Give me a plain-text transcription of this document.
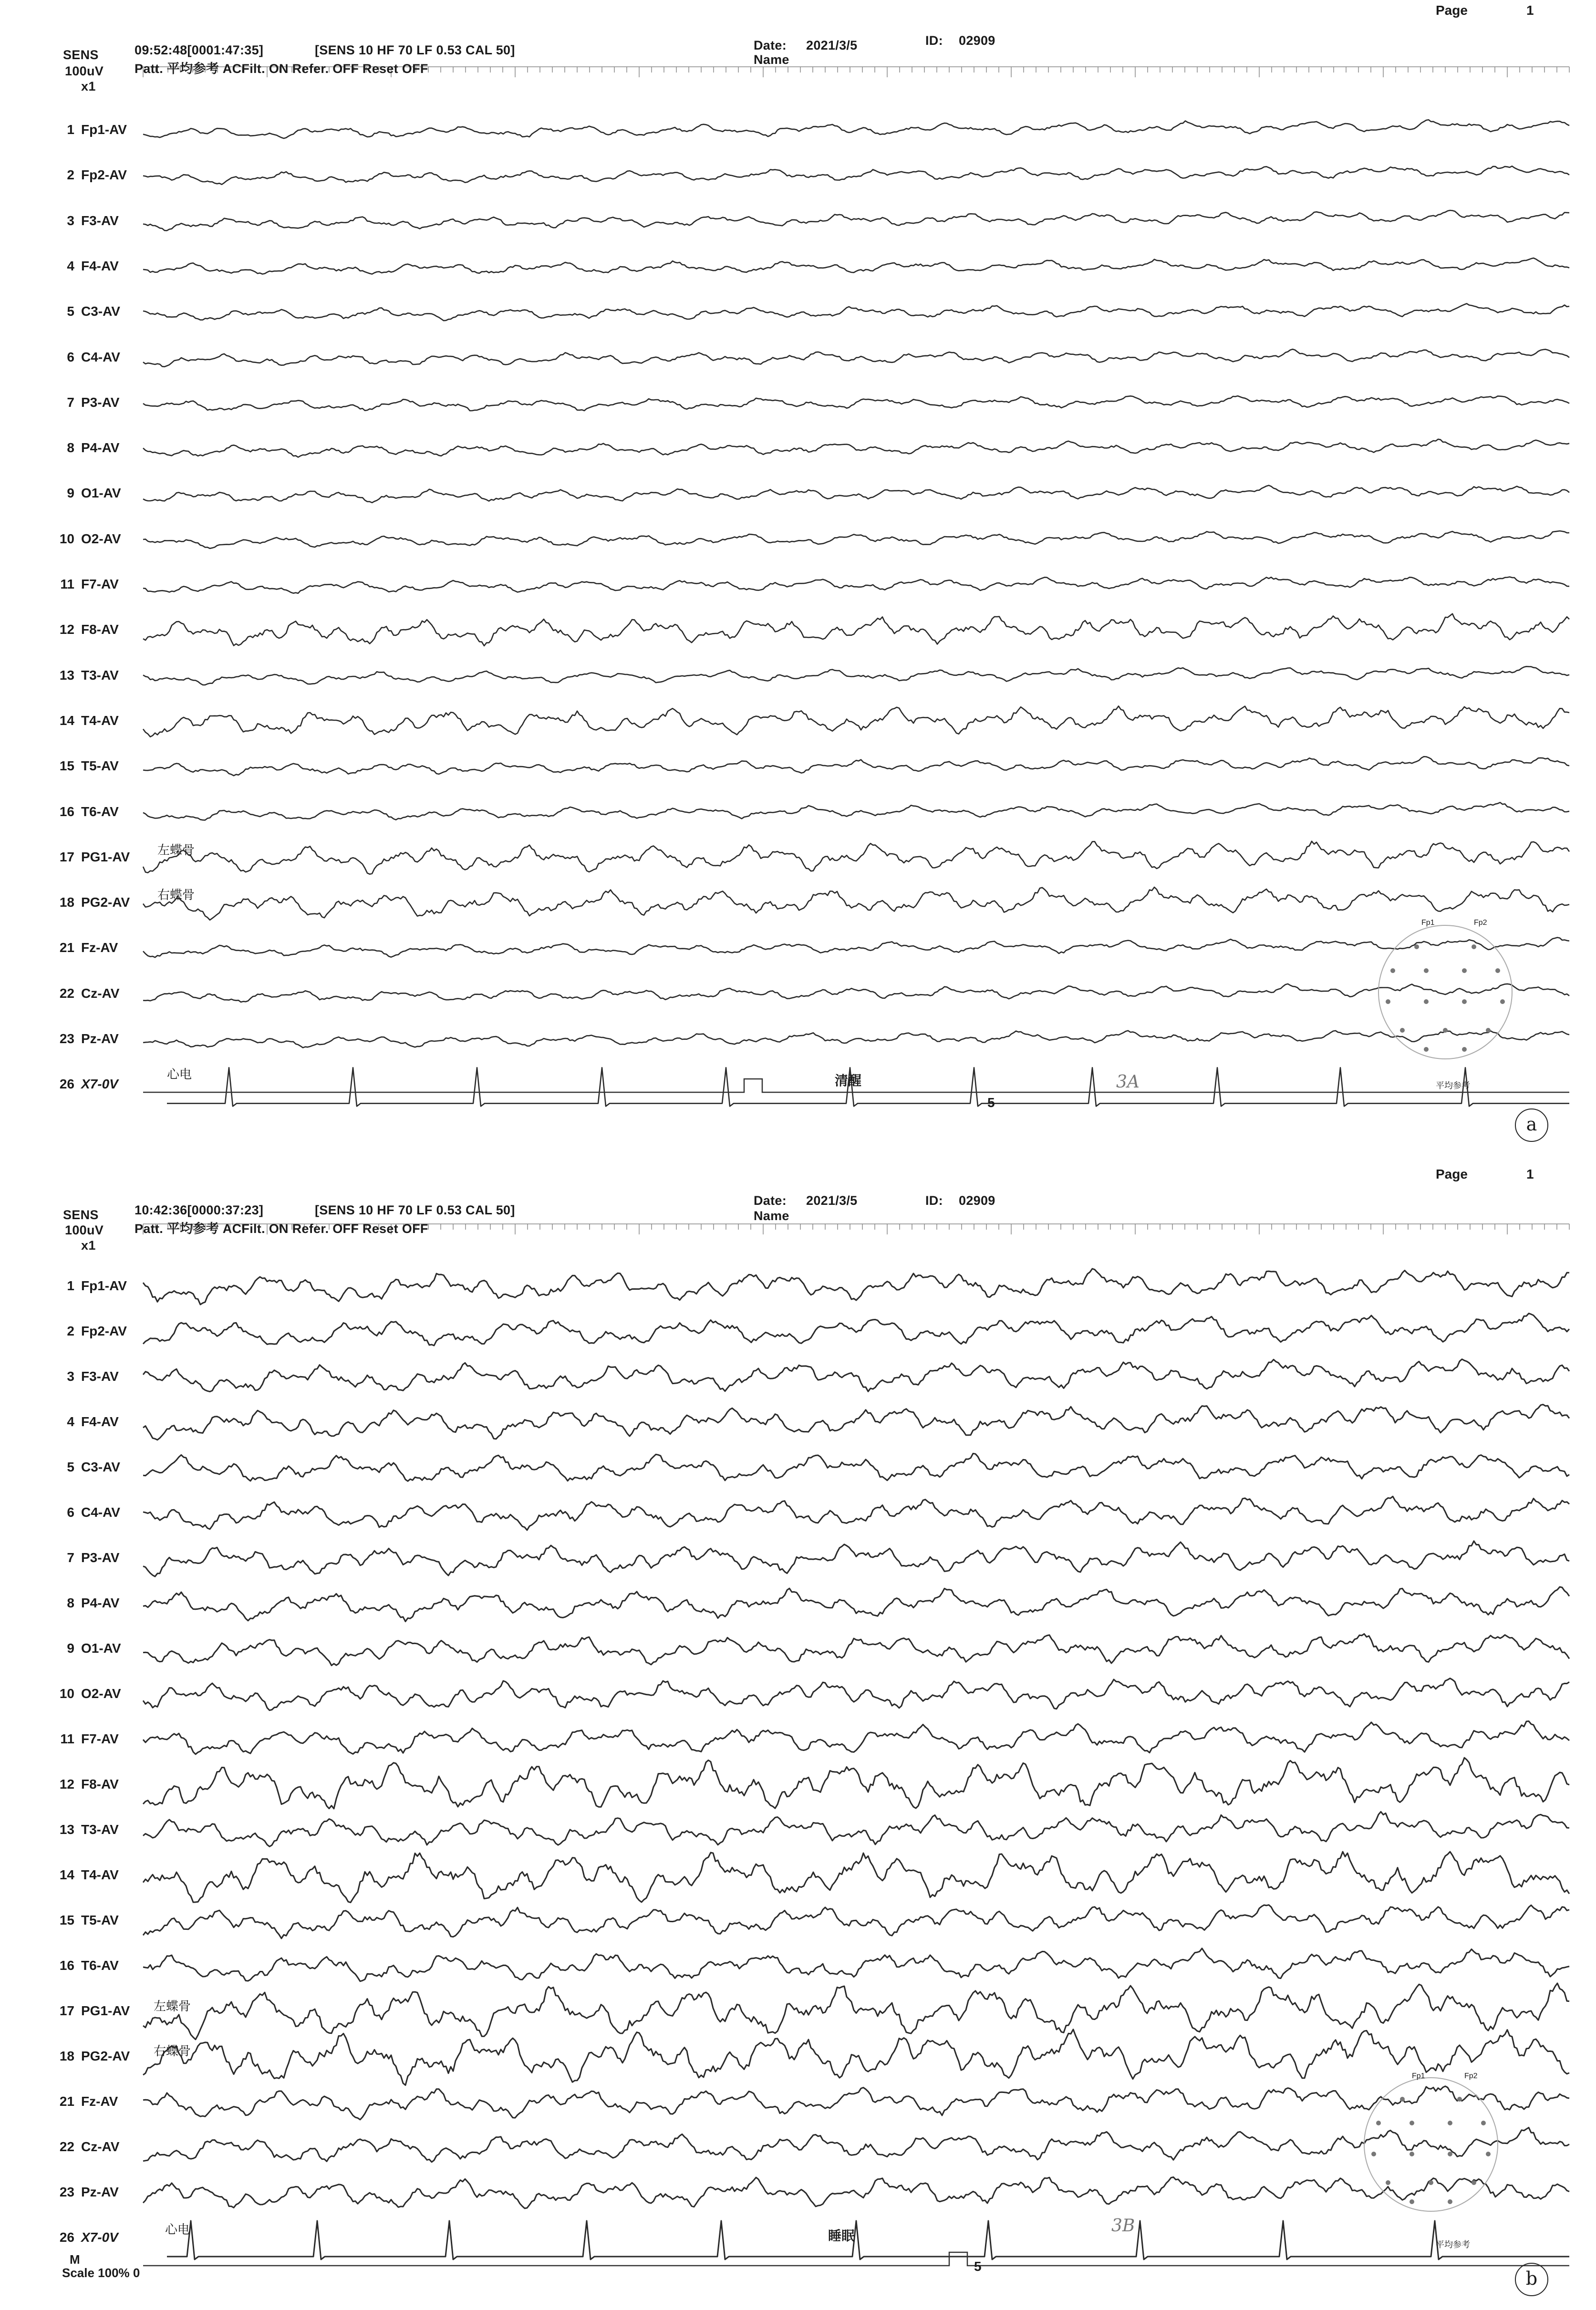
Page	1
SENS
100uV
x1
09:52:48[0001:47:35]	[SENS 10 HF 70 LF 0.53 CAL 50]
Patt. 平均参考 ACFilt. ON Refer. OFF Reset OFF
Date: 2021/3/5
Name
ID: 02909
1 Fp1-AV
2 Fp2-AV
3 F3-AV
4 F4-AV
5 C3-AV
6 C4-AV
7 P3-AV
8 P4-AV
9 O1-AV
10 O2-AV
11 F7-AV
12 F8-AV
13 T3-AV
14 T4-AV
15 T5-AV
16 T6-AV
17 PG1-AV
18 PG2-AV
21 Fz-AV
22 Cz-AV
23 Pz-AV
26 X7-0V
左蝶骨
右蝶骨
心电	清醒	3A
5
平均参考
Fp1	Fp2
a
Page	1
SENS
100uV
x1
10:42:36[0000:37:23]	[SENS 10 HF 70 LF 0.53 CAL 50]
Patt. 平均参考 ACFilt. ON Refer. OFF Reset OFF
Date: 2021/3/5
Name
ID: 02909
1 Fp1-AV
2 Fp2-AV
3 F3-AV
4 F4-AV
5 C3-AV
6 C4-AV
7 P3-AV
8 P4-AV
9 O1-AV
10 O2-AV
11 F7-AV
12 F8-AV
13 T3-AV
14 T4-AV
15 T5-AV
16 T6-AV
17 PG1-AV
18 PG2-AV
21 Fz-AV
22 Cz-AV
23 Pz-AV
26 X7-0V
左蝶骨
右蝶骨
心电	睡眠
3B
5
平均参考
Fp1	Fp2
M
Scale 100% 0	b
